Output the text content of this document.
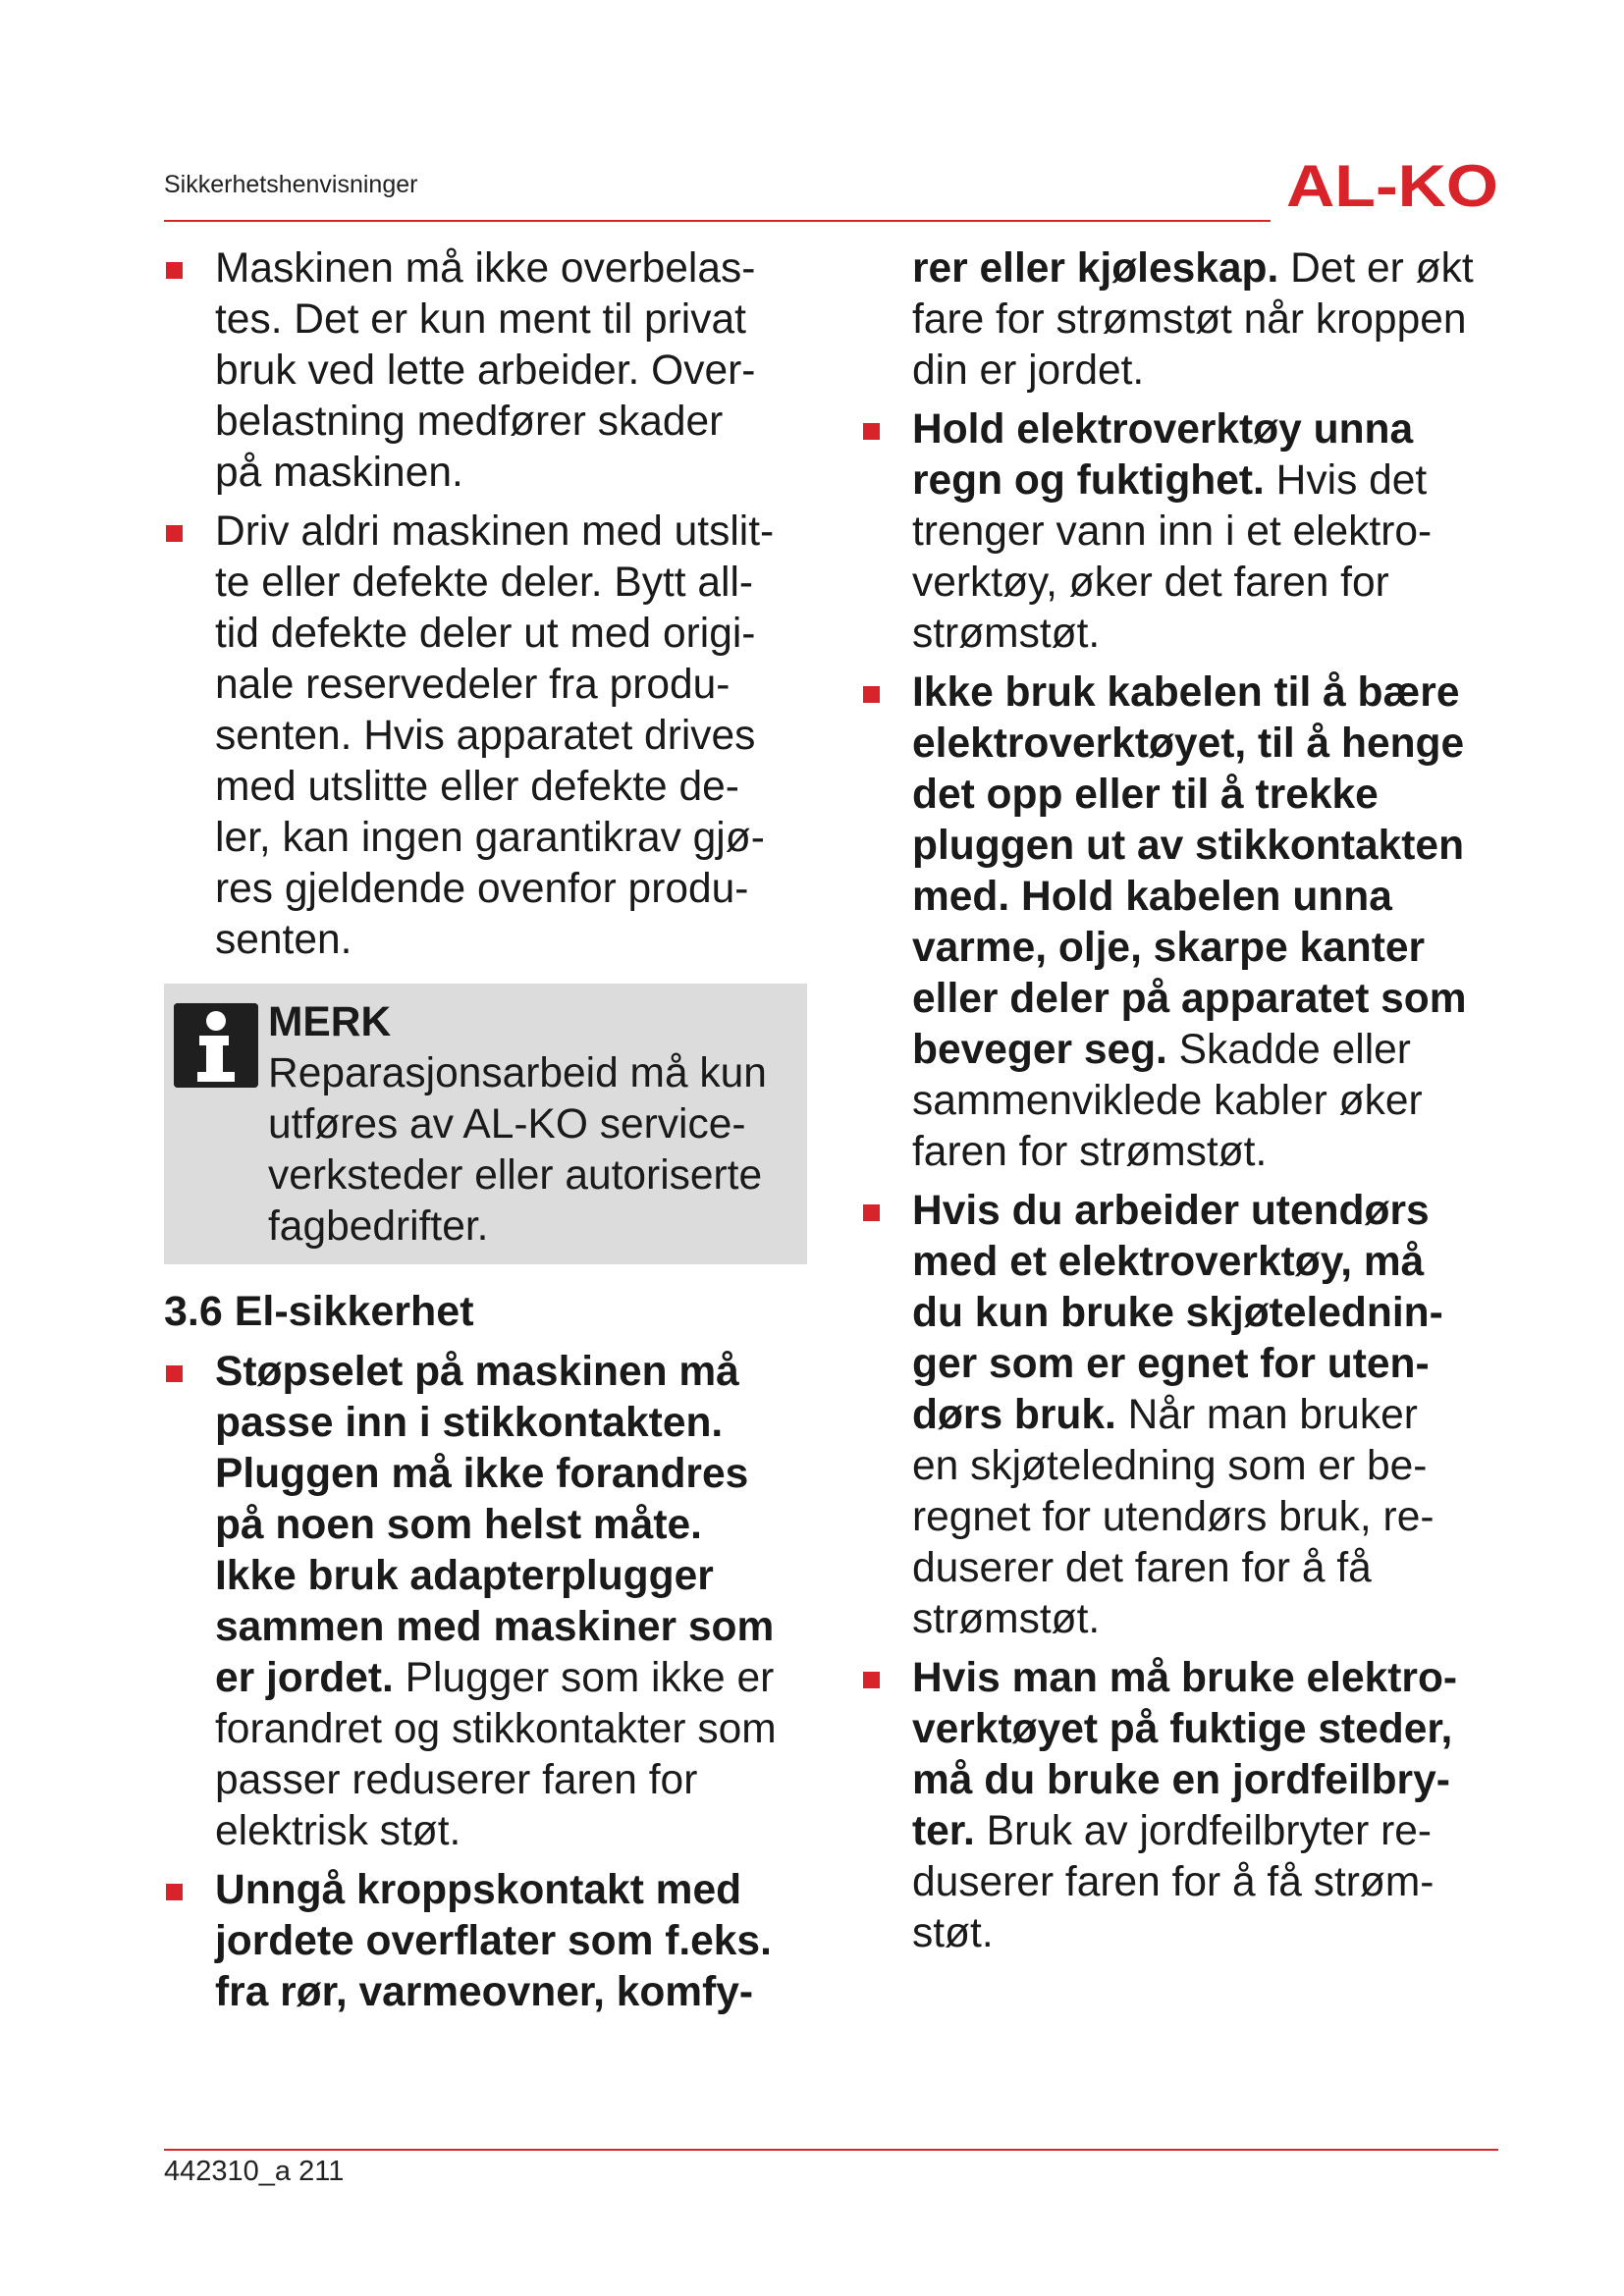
Sikkerhetshenvisninger	AL-KO

Maskinen må ikke overbelas-
tes. Det er kun ment til privat
bruk ved lette arbeider. Over-
belastning medfører skader
på maskinen.

Driv aldri maskinen med utslit-
te eller defekte deler. Bytt all-
tid defekte deler ut med origi-
nale reservedeler fra produ-
senten. Hvis apparatet drives
med utslitte eller defekte de-
ler, kan ingen garantikrav gjø-
res gjeldende ovenfor produ-
senten.

MERK
Reparasjonsarbeid må kun
utføres av AL-KO service-
verksteder eller autoriserte
fagbedrifter.
3.6 El-sikkerhet

Støpselet på maskinen må
passe inn i stikkontakten.
Pluggen må ikke forandres
på noen som helst måte.
Ikke bruk adapterplugger
sammen med maskiner som
er jordet. Plugger som ikke er
forandret og stikkontakter som
passer reduserer faren for
elektrisk støt.

Unngå kroppskontakt med
jordete overflater som f.eks.
fra rør, varmeovner, komfy-

rer eller kjøleskap. Det er økt
fare for strømstøt når kroppen
din er jordet.

Hold elektroverktøy unna
regn og fuktighet. Hvis det
trenger vann inn i et elektro-
verktøy, øker det faren for
strømstøt.

Ikke bruk kabelen til å bære
elektroverktøyet, til å henge
det opp eller til å trekke
pluggen ut av stikkontakten
med. Hold kabelen unna
varme, olje, skarpe kanter
eller deler på apparatet som
beveger seg. Skadde eller
sammenviklede kabler øker
faren for strømstøt.

Hvis du arbeider utendørs
med et elektroverktøy, må
du kun bruke skjøtelednin-
ger som er egnet for uten-
dørs bruk. Når man bruker
en skjøteledning som er be-
regnet for utendørs bruk, re-
duserer det faren for å få
strømstøt.

Hvis man må bruke elektro-
verktøyet på fuktige steder,
må du bruke en jordfeilbry-
ter. Bruk av jordfeilbryter re-
duserer faren for å få strøm-
støt.

442310_a 211
